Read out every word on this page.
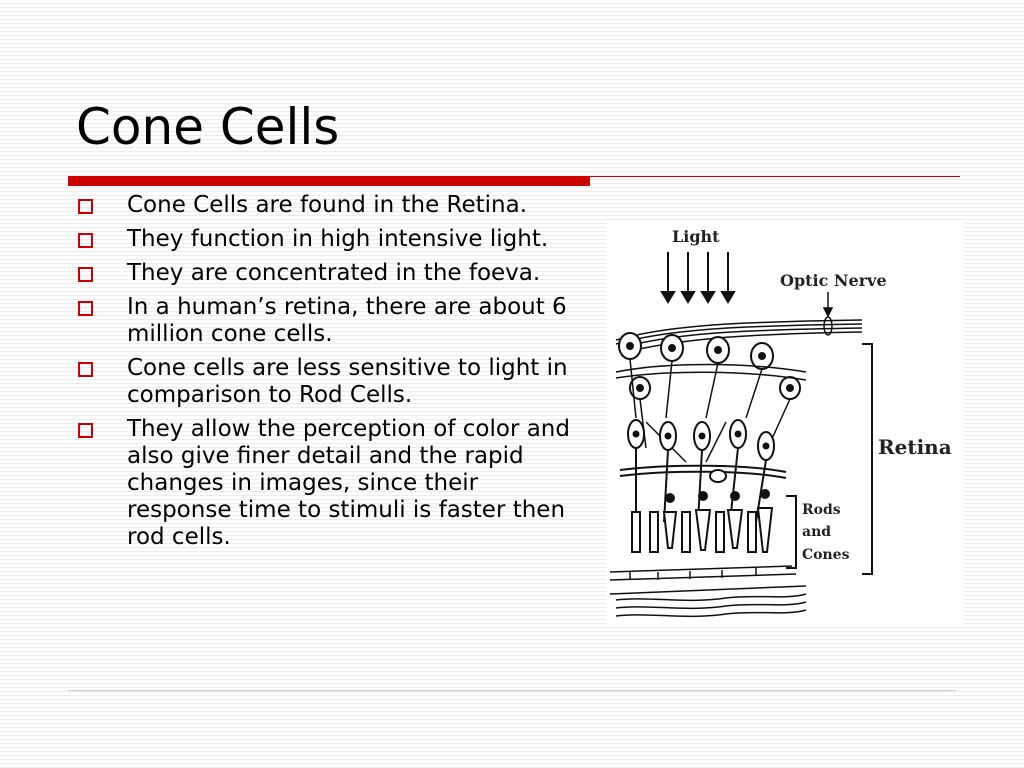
Cone Cells
Cone Cells are found in the Retina.
They function in high intensive light.
They are concentrated in the foeva.
In a human’s retina, there are about 6 million cone cells.
Cone cells are less sensitive to light in comparison to Rod Cells.
They allow the perception of color and also give finer detail and the rapid changes in images, since their response time to stimuli is faster then rod cells.
Light
Optic Nerve
Retina
Rods
and
Cones
